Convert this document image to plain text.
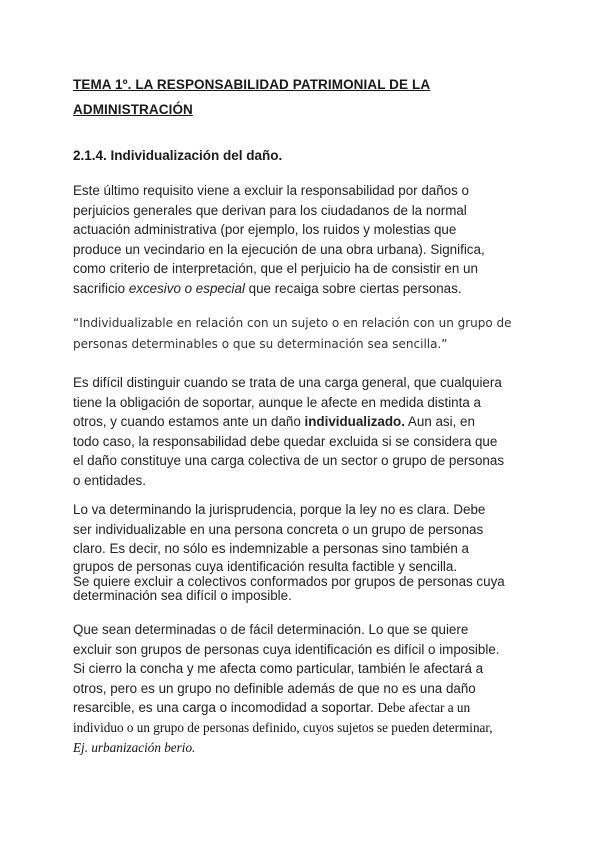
TEMA 1º. LA RESPONSABILIDAD PATRIMONIAL DE LA
ADMINISTRACIÓN
2.1.4. Individualización del daño.
Este último requisito viene a excluir la responsabilidad por daños o
perjuicios generales que derivan para los ciudadanos de la normal
actuación administrativa (por ejemplo, los ruidos y molestias que
produce un vecindario en la ejecución de una obra urbana). Significa,
como criterio de interpretación, que el perjuicio ha de consistir en un
sacrificio excesivo o especial que recaiga sobre ciertas personas.
“Individualizable en relación con un sujeto o en relación con un grupo de
personas determinables o que su determinación sea sencilla.”
Es difícil distinguir cuando se trata de una carga general, que cualquiera
tiene la obligación de soportar, aunque le afecte en medida distinta a
otros, y cuando estamos ante un daño individualizado. Aun asi, en
todo caso, la responsabilidad debe quedar excluida si se considera que
el daño constituye una carga colectiva de un sector o grupo de personas
o entidades.
Lo va determinando la jurisprudencia, porque la ley no es clara. Debe
ser individualizable en una persona concreta o un grupo de personas
claro. Es decir, no sólo es indemnizable a personas sino también a
grupos de personas cuya identificación resulta factible y sencilla.
Se quiere excluir a colectivos conformados por grupos de personas cuya
determinación sea difícil o imposible.
Que sean determinadas o de fácil determinación. Lo que se quiere
excluir son grupos de personas cuya identificación es difícil o imposible.
Si cierro la concha y me afecta como particular, también le afectará a
otros, pero es un grupo no definible además de que no es una daño
resarcible, es una carga o incomodidad a soportar. Debe afectar a un
individuo o un grupo de personas definido, cuyos sujetos se pueden determinar,
Ej. urbanización berio.
